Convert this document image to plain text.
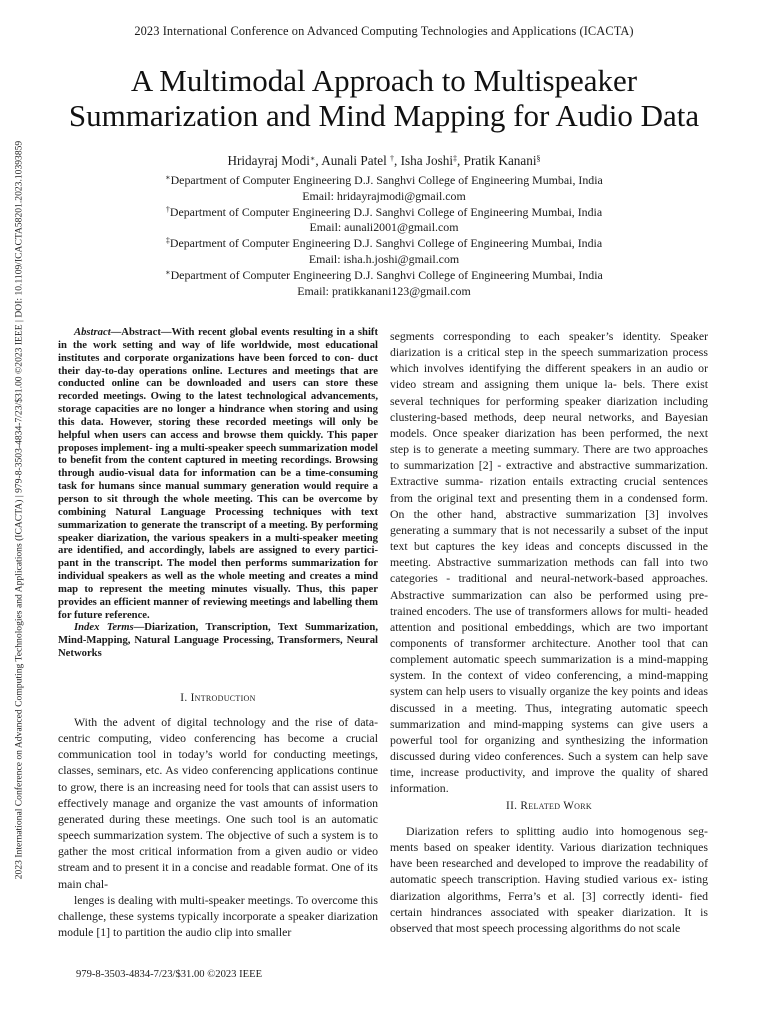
2023 International Conference on Advanced Computing Technologies and Applications (ICACTA)
2023 International Conference on Advanced Computing Technologies and Applications (ICACTA) | 979-8-3503-4834-7/23/$31.00 ©2023 IEEE | DOI: 10.1109/ICACTA58201.2023.10393859
A Multimodal Approach to Multispeaker
Summarization and Mind Mapping for Audio Data
Hridayraj Modi∗, Aunali Patel †, Isha Joshi‡, Pratik Kanani§
∗Department of Computer Engineering D.J. Sanghvi College of Engineering Mumbai, India
Email: hridayrajmodi@gmail.com
†Department of Computer Engineering D.J. Sanghvi College of Engineering Mumbai, India
Email: aunali2001@gmail.com
‡Department of Computer Engineering D.J. Sanghvi College of Engineering Mumbai, India
Email: isha.h.joshi@gmail.com
∗Department of Computer Engineering D.J. Sanghvi College of Engineering Mumbai, India
Email: pratikkanani123@gmail.com
Abstract—Abstract—With recent global events resulting in a shift in the work setting and way of life worldwide, most educational institutes and corporate organizations have been forced to con- duct their day-to-day operations online. Lectures and meetings that are conducted online can be downloaded and users can store these recorded meetings. Owing to the latest technological advancements, storage capacities are no longer a hindrance when storing and using this data. However, storing these recorded meetings will only be helpful when users can access and browse them quickly. This paper proposes implement- ing a multi-speaker speech summarization model to benefit from the content captured in meeting recordings. Browsing through audio-visual data for information can be a time-consuming task for humans since manual summary generation would require a person to sit through the whole meeting. This can be overcome by combining Natural Language Processing techniques with text summarization to generate the transcript of a meeting. By performing speaker diarization, the various speakers in a multi-speaker meeting are identified, and accordingly, labels are assigned to every partici- pant in the transcript. The model then performs summarization for individual speakers as well as the whole meeting and creates a mind map to represent the meeting minutes visually. Thus, this paper provides an efficient manner of reviewing meetings and labelling them for future reference.
Index Terms—Diarization, Transcription, Text Summarization, Mind-Mapping, Natural Language Processing, Transformers, Neural Networks
I. Introduction

With the advent of digital technology and the rise of data-centric computing, video conferencing has become a crucial communication tool in today’s world for conducting meetings, classes, seminars, etc. As video conferencing applications continue to grow, there is an increasing need for tools that can assist users to effectively manage and organize the vast amounts of information generated during these meetings. One such tool is an automatic speech summarization system. The objective of such a system is to gather the most critical information from a given audio or video stream and to present it in a concise and readable format. One of its main chal-

lenges is dealing with multi-speaker meetings. To overcome this challenge, these systems typically incorporate a speaker diarization module [1] to partition the audio clip into smaller

segments corresponding to each speaker’s identity. Speaker diarization is a critical step in the speech summarization process which involves identifying the different speakers in an audio or video stream and assigning them unique la- bels. There exist several techniques for performing speaker diarization including clustering-based methods, deep neural networks, and Bayesian models. Once speaker diarization has been performed, the next step is to generate a meeting summary. There are two approaches to summarization [2] - extractive and abstractive summarization. Extractive summa- rization entails extracting crucial sentences from the original text and presenting them in a condensed form. On the other hand, abstractive summarization [3] involves generating a summary that is not necessarily a subset of the input text but captures the key ideas and concepts discussed in the meeting. Abstractive summarization methods can fall into two categories - traditional and neural-network-based approaches. Abstractive summarization can also be performed using pre- trained encoders. The use of transformers allows for multi- headed attention and positional embeddings, which are two important components of transformer architecture. Another tool that can complement automatic speech summarization is a mind-mapping system. In the context of video conferencing, a mind-mapping system can help users to visually organize the key points and ideas discussed in a meeting. Thus, integrating automatic speech summarization and mind-mapping systems can give users a powerful tool for organizing and synthesizing the information discussed during video conferences. Such a system can help save time, increase productivity, and improve the quality of shared information.

II. Related Work

Diarization refers to splitting audio into homogenous seg- ments based on speaker identity. Various diarization techniques have been researched and developed to improve the readability of automatic speech transcription. Having studied various ex- isting diarization algorithms, Ferra’s et al. [3] correctly identi- fied certain hindrances associated with speaker diarization. It is observed that most speech processing algorithms do not scale

979-8-3503-4834-7/23/$31.00 ©2023 IEEE
